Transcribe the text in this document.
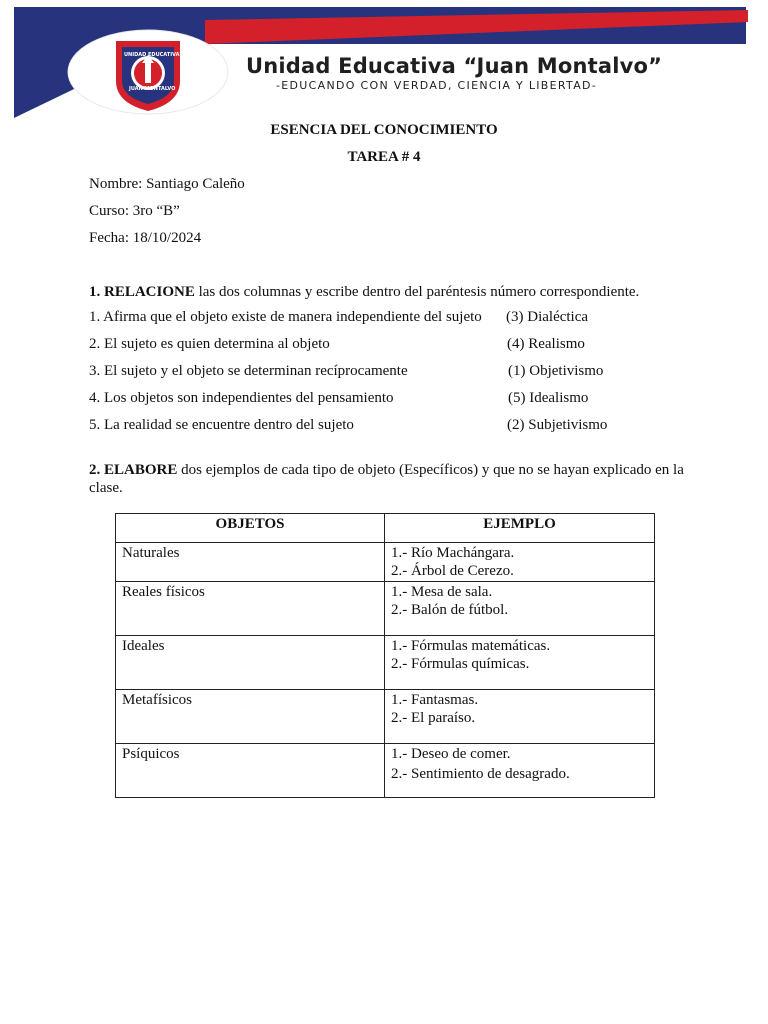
UNIDAD EDUCATIVA
JUAN MONTALVO
Unidad Educativa “Juan Montalvo”
-EDUCANDO CON VERDAD, CIENCIA Y LIBERTAD-
ESENCIA DEL CONOCIMIENTO
TAREA # 4
Nombre: Santiago Caleño
Curso: 3ro “B”
Fecha: 18/10/2024
1. RELACIONE las dos columnas y escribe dentro del paréntesis número correspondiente.
1. Afirma que el objeto existe de manera independiente del sujeto (3) Dialéctica
2. El sujeto es quien determina al objeto	(4) Realismo
3. El sujeto y el objeto se determinan recíprocamente	(1) Objetivismo
4. Los objetos son independientes del pensamiento	(5) Idealismo
5. La realidad se encuentre dentro del sujeto	(2) Subjetivismo
2. ELABORE dos ejemplos de cada tipo de objeto (Específicos) y que no se hayan explicado en la clase.
OBJETOS	EJEMPLO
Naturales	1.- Río Machángara.
2.- Árbol de Cerezo.

Reales físicos	1.- Mesa de sala.
2.- Balón de fútbol.

Ideales	1.- Fórmulas matemáticas.
2.- Fórmulas químicas.

Metafísicos	1.- Fantasmas.
2.- El paraíso.

Psíquicos	1.- Deseo de comer.
2.- Sentimiento de desagrado.
